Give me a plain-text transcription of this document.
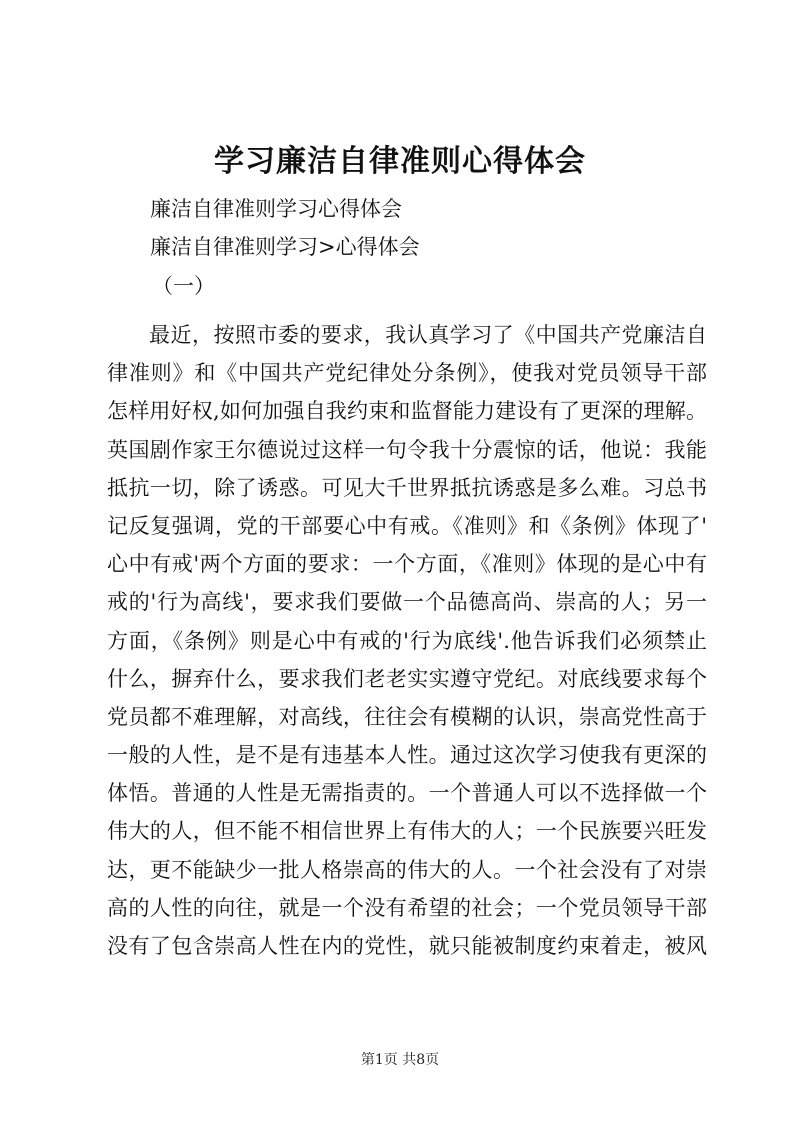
学习廉洁自律准则心得体会

廉洁自律准则学习心得体会

廉洁自律准则学习>心得体会

（一）

最近，按照市委的要求，我认真学习了《中国共产党廉洁自
律准则》和《中国共产党纪律处分条例》，使我对党员领导干部
怎样用好权,如何加强自我约束和监督能力建设有了更深的理解。
英国剧作家王尔德说过这样一句令我十分震惊的话，他说：我能
抵抗一切，除了诱惑。可见大千世界抵抗诱惑是多么难。习总书
记反复强调，党的干部要心中有戒。《准则》和《条例》体现了'
心中有戒'两个方面的要求：一个方面，《准则》体现的是心中有
戒的'行为高线'，要求我们要做一个品德高尚、崇高的人；另一
方面，《条例》则是心中有戒的'行为底线'.他告诉我们必须禁止
什么，摒弃什么，要求我们老老实实遵守党纪。对底线要求每个
党员都不难理解，对高线，往往会有模糊的认识，崇高党性高于
一般的人性，是不是有违基本人性。通过这次学习使我有更深的
体悟。普通的人性是无需指责的。一个普通人可以不选择做一个
伟大的人，但不能不相信世界上有伟大的人；一个民族要兴旺发
达，更不能缺少一批人格崇高的伟大的人。一个社会没有了对崇
高的人性的向往，就是一个没有希望的社会；一个党员领导干部
没有了包含崇高人性在内的党性，就只能被制度约束着走，被风

第1页 共8页
